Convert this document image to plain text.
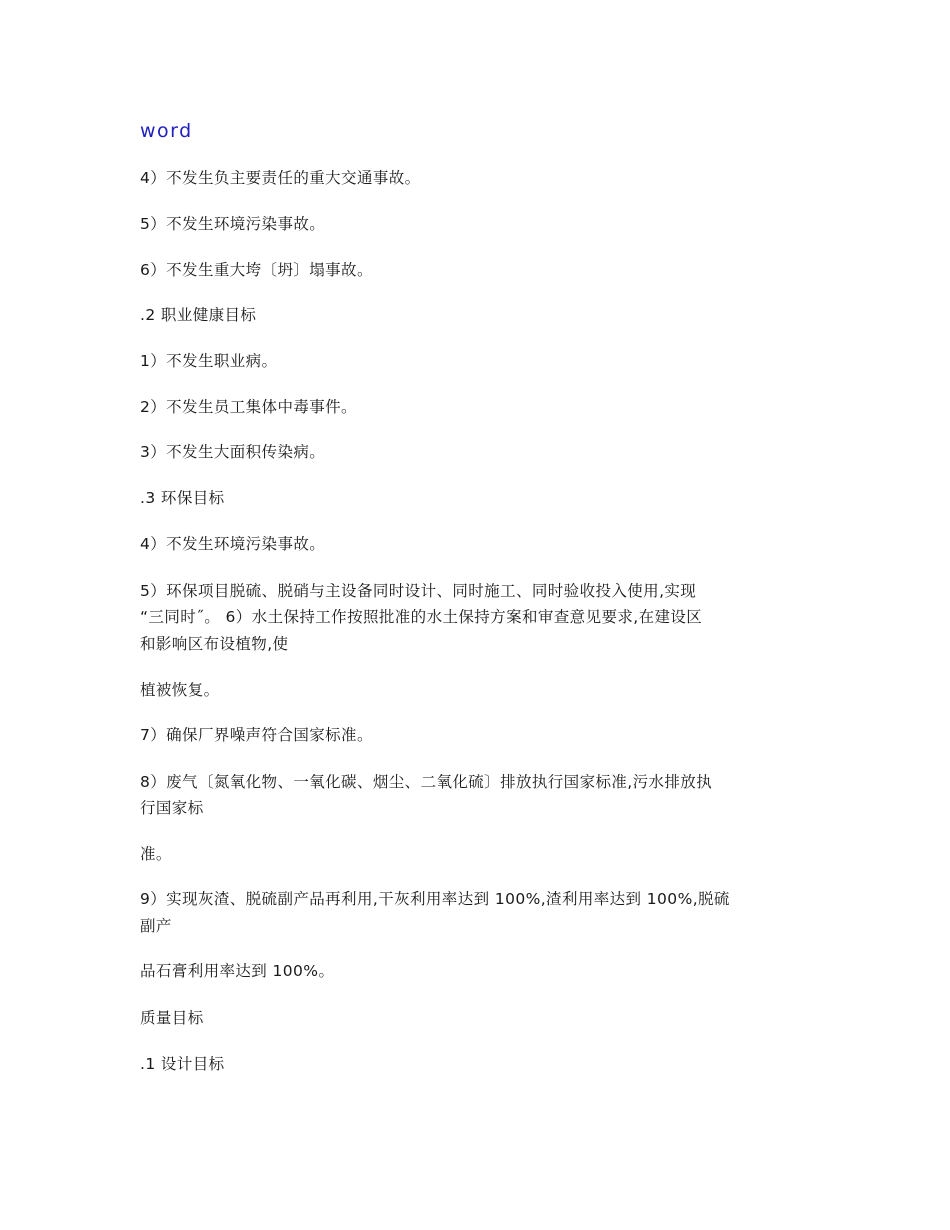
word
4）不发生负主要责任的重大交通事故。
5）不发生环境污染事故。
6）不发生重大垮〔坍〕塌事故。
.2 职业健康目标
1）不发生职业病。
2）不发生员工集体中毒事件。
3）不发生大面积传染病。
.3 环保目标
4）不发生环境污染事故。
5）环保项目脱硫、脱硝与主设备同时设计、同时施工、同时验收投入使用,实现
“三同时˝。 6）水土保持工作按照批准的水土保持方案和审查意见要求,在建设区
和影响区布设植物,使
植被恢复。
7）确保厂界噪声符合国家标准。
8）废气〔氮氧化物、一氧化碳、烟尘、二氧化硫〕排放执行国家标准,污水排放执
行国家标
准。
9）实现灰渣、脱硫副产品再利用,干灰利用率达到 100%,渣利用率达到 100%,脱硫
副产
品石膏利用率达到 100%。
质量目标
.1 设计目标
